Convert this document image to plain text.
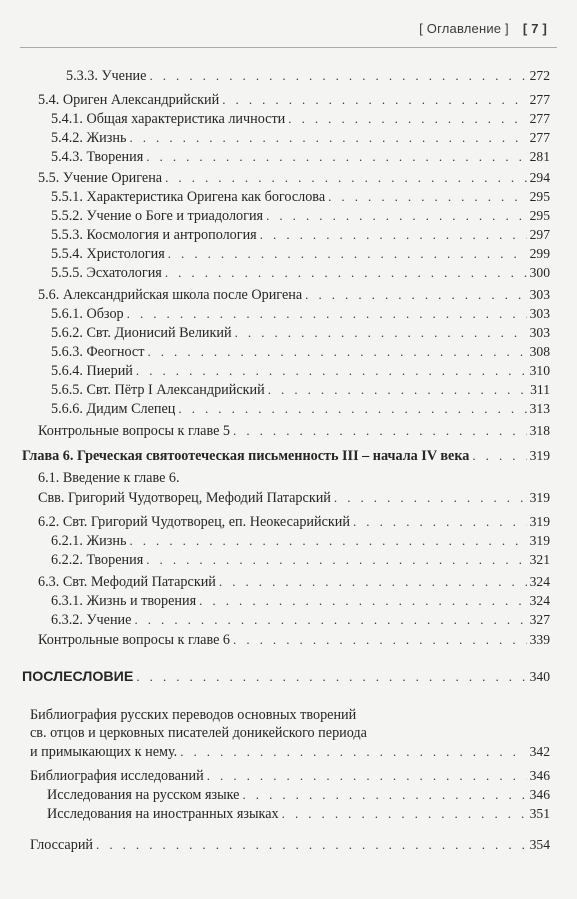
[ Оглавление ] [ 7 ]
5.3.3. Учение . . .	272
5.4. Ориген Александрийский . . .	277
5.4.1. Общая характеристика личности . . .	277
5.4.2. Жизнь . . .	277
5.4.3. Творения . . .	281
5.5. Учение Оригена . . .	294
5.5.1. Характеристика Оригена как богослова . . .	295
5.5.2. Учение о Боге и триадология . . .	295
5.5.3. Космология и антропология . . .	297
5.5.4. Христология . . .	299
5.5.5. Эсхатология . . .	300
5.6. Александрийская школа после Оригена . . .	303
5.6.1. Обзор . . .	303
5.6.2. Свт. Дионисий Великий . . .	303
5.6.3. Феогност . . .	308
5.6.4. Пиерий . . .	310
5.6.5. Свт. Пётр I Александрийский . . .	311
5.6.6. Дидим Слепец . . .	313
Контрольные вопросы к главе 5 . . .	318
Глава 6. Греческая святоотеческая письменность III – начала IV века . . .	319
6.1. Введение к главе 6.
Свв. Григорий Чудотворец, Мефодий Патарский . . .	319
6.2. Свт. Григорий Чудотворец, еп. Неокесарийский . . .	319
6.2.1. Жизнь . . .	319
6.2.2. Творения . . .	321
6.3. Свт. Мефодий Патарский . . .	324
6.3.1. Жизнь и творения . . .	324
6.3.2. Учение . . .	327
Контрольные вопросы к главе 6 . . .	339
ПОСЛЕСЛОВИЕ . . .	340
Библиография русских переводов основных творений
св. отцов и церковных писателей доникейского периода
и примыкающих к нему. . . .	342
Библиография исследований . . .	346
Исследования на русском языке . . .	346
Исследования на иностранных языках . . .	351
Глоссарий . . .	354
